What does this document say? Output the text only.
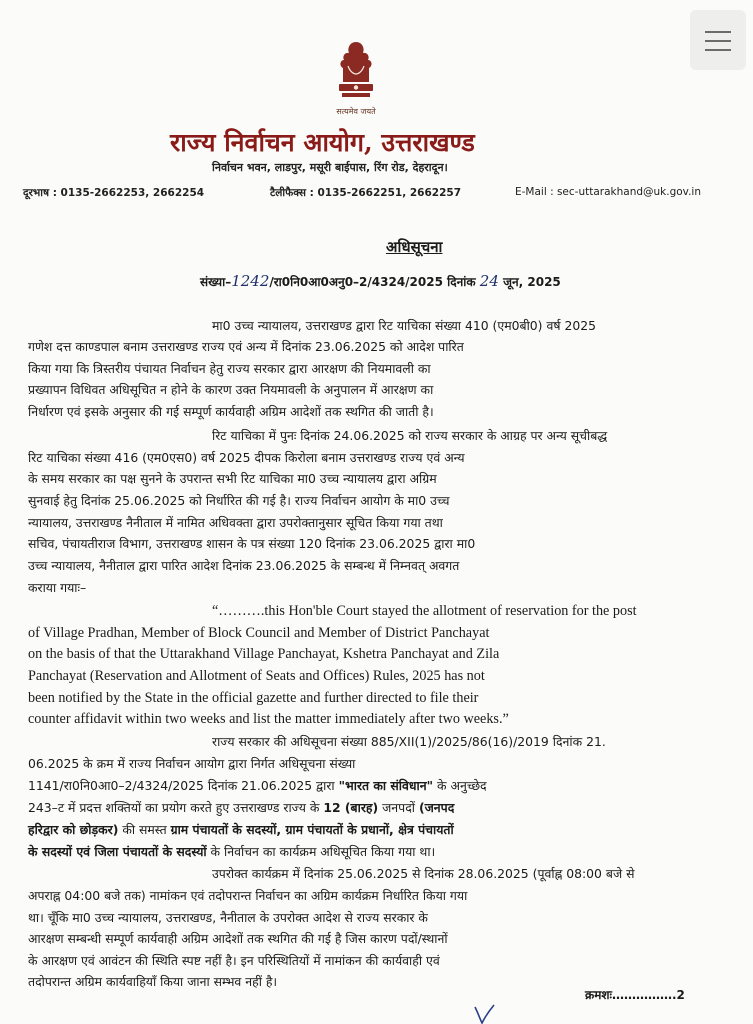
सत्यमेव जयते
राज्य निर्वाचन आयोग, उत्तराखण्ड
निर्वाचन भवन, लाडपुर, मसूरी बाईपास, रिंग रोड, देहरादून।
दूरभाष : 0135-2662253, 2662254	टैलीफैक्स : 0135-2662251, 2662257	E-Mail : sec-uttarakhand@uk.gov.in
अधिसूचना
संख्या–1242/रा0नि0आ0अनु0–2/4324/2025 दिनांक 24 जून, 2025
मा0 उच्च न्यायालय, उत्तराखण्ड द्वारा रिट याचिका संख्या 410 (एम0बी0) वर्ष 2025
गणेश दत्त काण्डपाल बनाम उत्तराखण्ड राज्य एवं अन्य में दिनांक 23.06.2025 को आदेश पारित
किया गया कि त्रिस्तरीय पंचायत निर्वाचन हेतु राज्य सरकार द्वारा आरक्षण की नियमावली का
प्रख्यापन विधिवत अधिसूचित न होने के कारण उक्त नियमावली के अनुपालन में आरक्षण का
निर्धारण एवं इसके अनुसार की गई सम्पूर्ण कार्यवाही अग्रिम आदेशों तक स्थगित की जाती है।
रिट याचिका में पुनः दिनांक 24.06.2025 को राज्य सरकार के आग्रह पर अन्य सूचीबद्ध
रिट याचिका संख्या 416 (एम0एस0) वर्ष 2025 दीपक किरोला बनाम उत्तराखण्ड राज्य एवं अन्य
के समय सरकार का पक्ष सुनने के उपरान्त सभी रिट याचिका मा0 उच्च न्यायालय द्वारा अग्रिम
सुनवाई हेतु दिनांक 25.06.2025 को निर्धारित की गई है। राज्य निर्वाचन आयोग के मा0 उच्च
न्यायालय, उत्तराखण्ड नैनीताल में नामित अधिवक्ता द्वारा उपरोक्तानुसार सूचित किया गया तथा
सचिव, पंचायतीराज विभाग, उत्तराखण्ड शासन के पत्र संख्या 120 दिनांक 23.06.2025 द्वारा मा0
उच्च न्यायालय, नैनीताल द्वारा पारित आदेश दिनांक 23.06.2025 के सम्बन्ध में निम्नवत् अवगत
कराया गयाः–
“……….this Hon'ble Court stayed the allotment of reservation for the post
of Village Pradhan, Member of Block Council and Member of District Panchayat
on the basis of that the Uttarakhand Village Panchayat, Kshetra Panchayat and Zila
Panchayat (Reservation and Allotment of Seats and Offices) Rules, 2025 has not
been notified by the State in the official gazette and further directed to file their
counter affidavit within two weeks and list the matter immediately after two weeks.”
राज्य सरकार की अधिसूचना संख्या 885/XII(1)/2025/86(16)/2019 दिनांक 21.
06.2025 के क्रम में राज्य निर्वाचन आयोग द्वारा निर्गत अधिसूचना संख्या
1141/रा0नि0आ0–2/4324/2025 दिनांक 21.06.2025 द्वारा "भारत का संविधान" के अनुच्छेद
243–ट में प्रदत्त शक्तियों का प्रयोग करते हुए उत्तराखण्ड राज्य के 12 (बारह) जनपदों (जनपद
हरिद्वार को छोड़कर) की समस्त ग्राम पंचायतों के सदस्यों, ग्राम पंचायतों के प्रधानों, क्षेत्र पंचायतों
के सदस्यों एवं जिला पंचायतों के सदस्यों के निर्वाचन का कार्यक्रम अधिसूचित किया गया था।
उपरोक्त कार्यक्रम में दिनांक 25.06.2025 से दिनांक 28.06.2025 (पूर्वाह्न 08:00 बजे से
अपराह्न 04:00 बजे तक) नामांकन एवं तदोपरान्त निर्वाचन का अग्रिम कार्यक्रम निर्धारित किया गया
था। चूँकि मा0 उच्च न्यायालय, उत्तराखण्ड, नैनीताल के उपरोक्त आदेश से राज्य सरकार के
आरक्षण सम्बन्धी सम्पूर्ण कार्यवाही अग्रिम आदेशों तक स्थगित की गई है जिस कारण पदों/स्थानों
के आरक्षण एवं आवंटन की स्थिति स्पष्ट नहीं है। इन परिस्थितियों में नामांकन की कार्यवाही एवं
तदोपरान्त अग्रिम कार्यवाहियाँ किया जाना सम्भव नहीं है।
क्रमशः…………….2
